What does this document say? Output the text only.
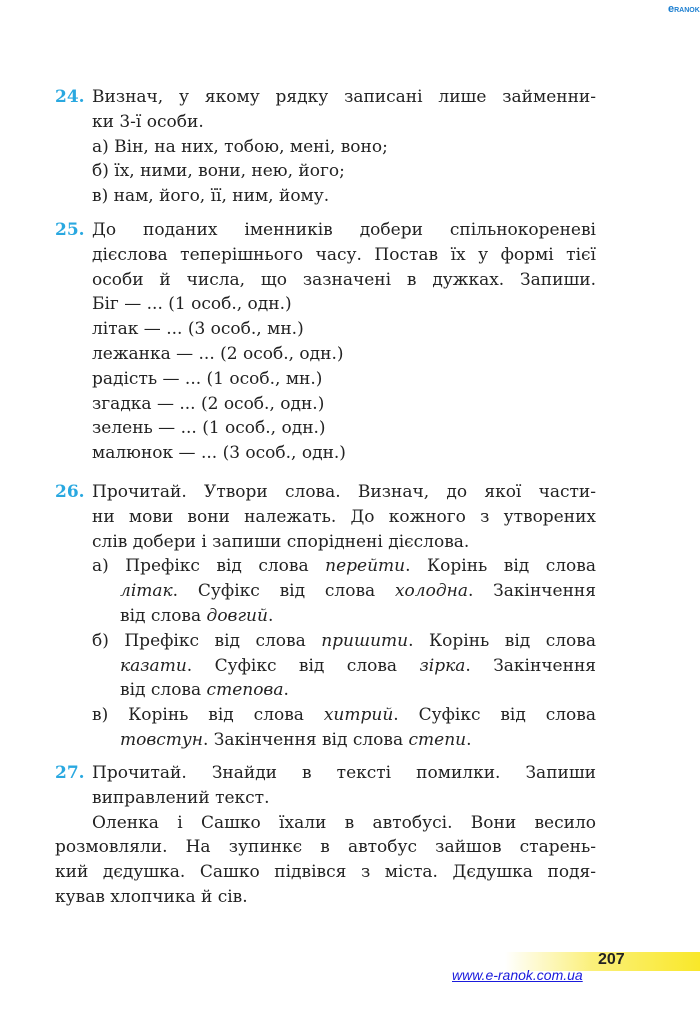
eRANOK
24. Визнач, у якому рядку записані лише займенни-
ки 3-ї особи.
а) Він, на них, тобою, мені, воно;
б) їх, ними, вони, нею, його;
в) нам, його, її, ним, йому.
25. До поданих іменників добери спільнокореневі
дієслова теперішнього часу. Постав їх у формі тієї
особи й числа, що зазначені в дужках. Запиши.
Біг — ... (1 особ., одн.)
літак — ... (3 особ., мн.)
лежанка — ... (2 особ., одн.)
радість — ... (1 особ., мн.)
згадка — ... (2 особ., одн.)
зелень — ... (1 особ., одн.)
малюнок — ... (3 особ., одн.)
26. Прочитай. Утвори слова. Визнач, до якої части-
ни мови вони належать. До кожного з утворених
слів добери і запиши споріднені дієслова.
а) Префікс від слова перейти. Корінь від слова
літак. Суфікс від слова холодна. Закінчення
від слова довгий.
б) Префікс від слова пришити. Корінь від слова
казати. Суфікс від слова зірка. Закінчення
від слова степова.
в) Корінь від слова хитрий. Суфікс від слова
товстун. Закінчення від слова степи.
27. Прочитай. Знайди в тексті помилки. Запиши
виправлений текст.
Оленка і Сашко їхали в автобусі. Вони весило
розмовляли. На зупинкє в автобус зайшов старень-
кий дєдушка. Сашко підвівся з міста. Дєдушка подя-
кував хлопчика й сів.
207
www.e-ranok.com.ua
